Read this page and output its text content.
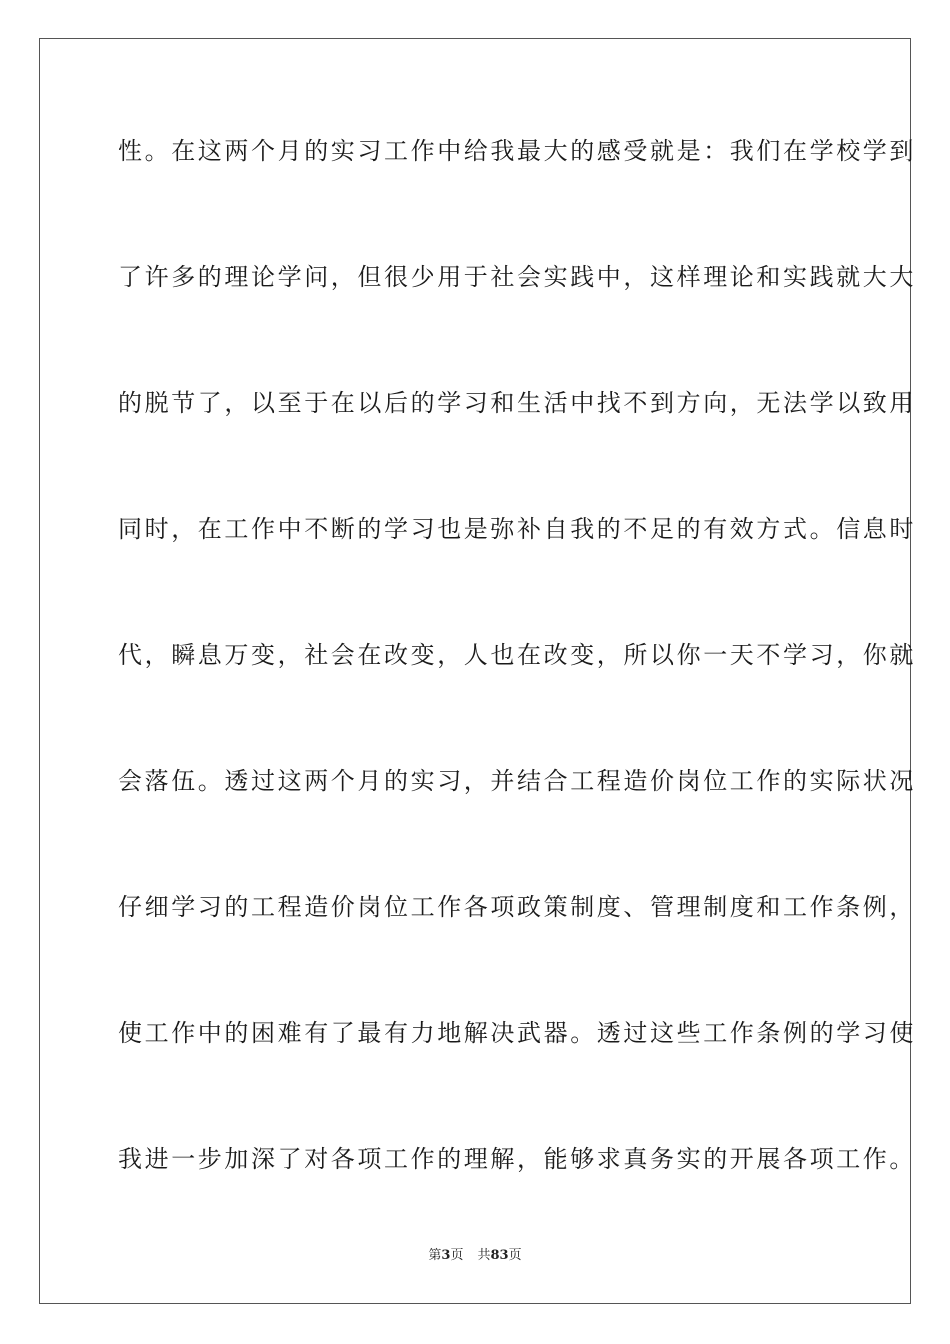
性。在这两个月的实习工作中给我最大的感受就是：我们在学校学到
了许多的理论学问，但很少用于社会实践中，这样理论和实践就大大
的脱节了，以至于在以后的学习和生活中找不到方向，无法学以致用
同时，在工作中不断的学习也是弥补自我的不足的有效方式。信息时
代，瞬息万变，社会在改变，人也在改变，所以你一天不学习，你就
会落伍。透过这两个月的实习，并结合工程造价岗位工作的实际状况
仔细学习的工程造价岗位工作各项政策制度、管理制度和工作条例，
使工作中的困难有了最有力地解决武器。透过这些工作条例的学习使
我进一步加深了对各项工作的理解，能够求真务实的开展各项工作。
第3页 共83页
